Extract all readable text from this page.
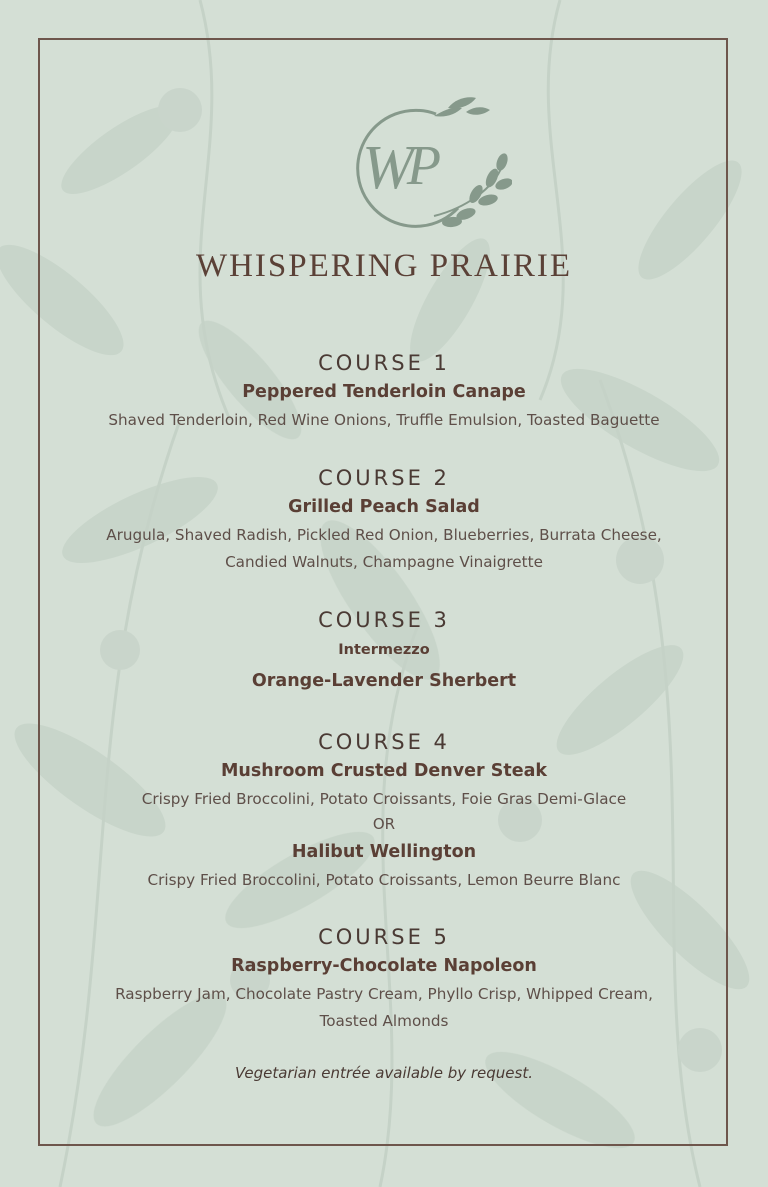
W
P
WHISPERING PRAIRIE
COURSE 1
Peppered Tenderloin Canape
Shaved Tenderloin, Red Wine Onions, Truffle Emulsion, Toasted Baguette
COURSE 2
Grilled Peach Salad
Arugula, Shaved Radish, Pickled Red Onion, Blueberries, Burrata Cheese,
Candied Walnuts, Champagne Vinaigrette
COURSE 3
Intermezzo
Orange-Lavender Sherbert
COURSE 4
Mushroom Crusted Denver Steak
Crispy Fried Broccolini, Potato Croissants, Foie Gras Demi-Glace
OR
Halibut Wellington
Crispy Fried Broccolini, Potato Croissants, Lemon Beurre Blanc
COURSE 5
Raspberry-Chocolate Napoleon
Raspberry Jam, Chocolate Pastry Cream, Phyllo Crisp, Whipped Cream,
Toasted Almonds
Vegetarian entrée available by request.
